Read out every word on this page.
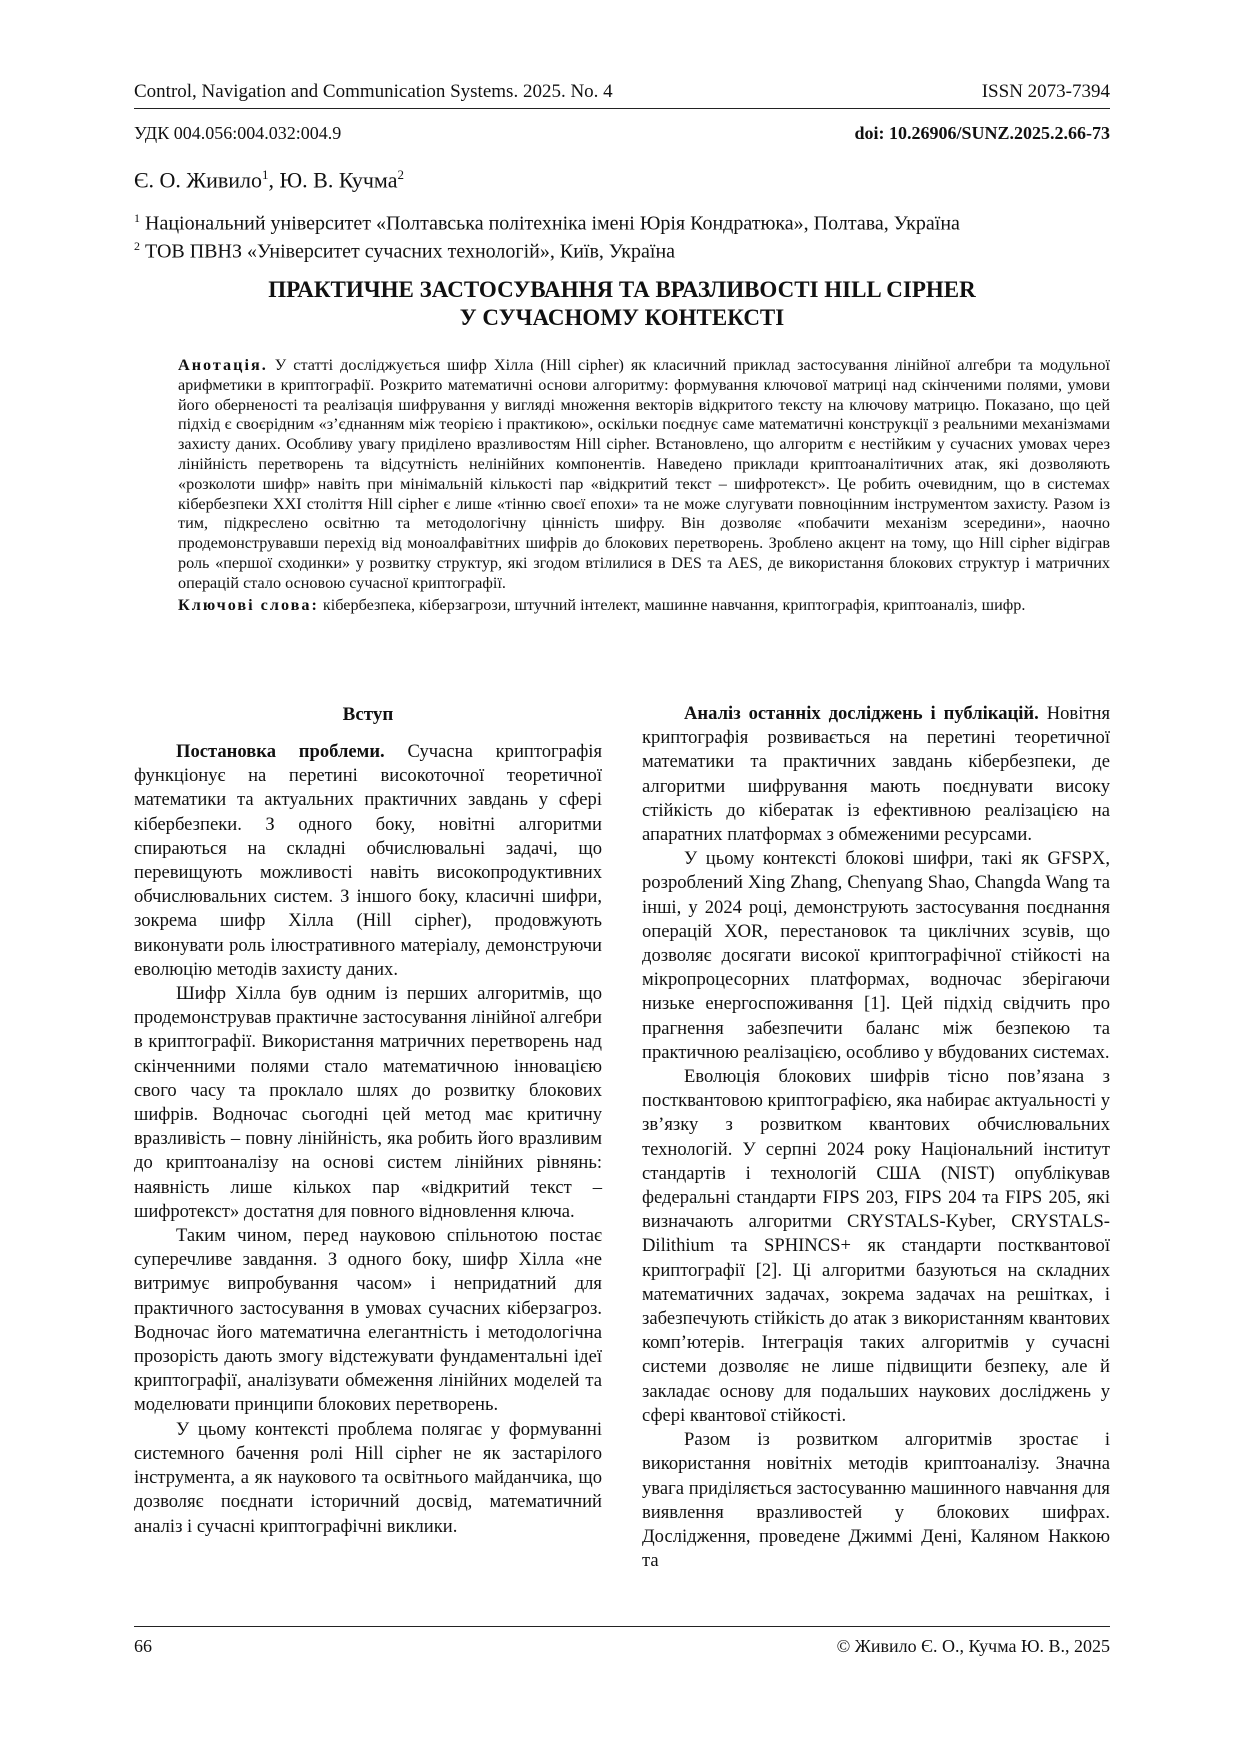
Control, Navigation and Communication Systems. 2025. No. 4	ISSN 2073-7394
УДК 004.056:004.032:004.9	doi: 10.26906/SUNZ.2025.2.66-73
Є. О. Живило$^1$, Ю. В. Кучма$^2$
$^1$ Національний університет «Полтавська політехніка імені Юрія Кондратюка», Полтава, Україна
$^2$ ТОВ ПВНЗ «Університет сучасних технологій», Київ, Україна
ПРАКТИЧНЕ ЗАСТОСУВАННЯ ТА ВРАЗЛИВОСТІ HILL CIPHER
У СУЧАСНОМУ КОНТЕКСТІ

Анотація. У статті досліджується шифр Хілла (Hill cipher) як класичний приклад застосування лінійної алгебри та модульної арифметики в криптографії. Розкрито математичні основи алгоритму: формування ключової матриці над скінченими полями, умови його оберненості та реалізація шифрування у вигляді множення векторів відкритого тексту на ключову матрицю. Показано, що цей підхід є своєрідним «з’єднанням між теорією і практикою», оскільки поєднує саме математичні конструкції з реальними механізмами захисту даних. Особливу увагу приділено вразливостям Hill cipher. Встановлено, що алгоритм є нестійким у сучасних умовах через лінійність перетворень та відсутність нелінійних компонентів. Наведено приклади криптоаналітичних атак, які дозволяють «розколоти шифр» навіть при мінімальній кількості пар «відкритий текст – шифротекст». Це робить очевидним, що в системах кібербезпеки XXI століття Hill cipher є лише «тінню своєї епохи» та не може слугувати повноцінним інструментом захисту. Разом із тим, підкреслено освітню та методологічну цінність шифру. Він дозволяє «побачити механізм зсередини», наочно продемонструвавши перехід від моноалфавітних шифрів до блокових перетворень. Зроблено акцент на тому, що Hill cipher відіграв роль «першої сходинки» у розвитку структур, які згодом втілилися в DES та AES, де використання блокових структур і матричних операцій стало основою сучасної криптографії.

Ключові слова: кібербезпека, кіберзагрози, штучний інтелект, машинне навчання, криптографія, криптоаналіз, шифр.

Вступ

Постановка проблеми. Сучасна криптографія функціонує на перетині високоточної теоретичної математики та актуальних практичних завдань у сфері кібербезпеки. З одного боку, новітні алгоритми спираються на складні обчислювальні задачі, що перевищують можливості навіть високопродуктивних обчислювальних систем. З іншого боку, класичні шифри, зокрема шифр Хілла (Hill cipher), продовжують виконувати роль ілюстративного матеріалу, демонструючи еволюцію методів захисту даних.

Шифр Хілла був одним із перших алгоритмів, що продемонстрував практичне застосування лінійної алгебри в криптографії. Використання матричних перетворень над скінченними полями стало математичною інновацією свого часу та проклало шлях до розвитку блокових шифрів. Водночас сьогодні цей метод має критичну вразливість – повну лінійність, яка робить його вразливим до криптоаналізу на основі систем лінійних рівнянь: наявність лише кількох пар «відкритий текст – шифротекст» достатня для повного відновлення ключа.

Таким чином, перед науковою спільнотою постає суперечливе завдання. З одного боку, шифр Хілла «не витримує випробування часом» і непридатний для практичного застосування в умовах сучасних кіберзагроз. Водночас його математична елегантність і методологічна прозорість дають змогу відстежувати фундаментальні ідеї криптографії, аналізувати обмеження лінійних моделей та моделювати принципи блокових перетворень.

У цьому контексті проблема полягає у формуванні системного бачення ролі Hill cipher не як застарілого інструмента, а як наукового та освітнього майданчика, що дозволяє поєднати історичний досвід, математичний аналіз і сучасні криптографічні виклики.

Аналіз останніх досліджень і публікацій. Новітня криптографія розвивається на перетині теоретичної математики та практичних завдань кібербезпеки, де алгоритми шифрування мають поєднувати високу стійкість до кібератак із ефективною реалізацією на апаратних платформах з обмеженими ресурсами.

У цьому контексті блокові шифри, такі як GFSPX, розроблений Xing Zhang, Chenyang Shao, Changda Wang та інші, у 2024 році, демонструють застосування поєднання операцій XOR, перестановок та циклічних зсувів, що дозволяє досягати високої криптографічної стійкості на мікропроцесорних платформах, водночас зберігаючи низьке енергоспоживання [1]. Цей підхід свідчить про прагнення забезпечити баланс між безпекою та практичною реалізацією, особливо у вбудованих системах.

Еволюція блокових шифрів тісно пов’язана з постквантовою криптографією, яка набирає актуальності у зв’язку з розвитком квантових обчислювальних технологій. У серпні 2024 року Національний інститут стандартів і технологій США (NIST) опублікував федеральні стандарти FIPS 203, FIPS 204 та FIPS 205, які визначають алгоритми CRYSTALS-Kyber, CRYSTALS-Dilithium та SPHINCS+ як стандарти постквантової криптографії [2]. Ці алгоритми базуються на складних математичних задачах, зокрема задачах на решітках, і забезпечують стійкість до атак з використанням квантових комп’ютерів. Інтеграція таких алгоритмів у сучасні системи дозволяє не лише підвищити безпеку, але й закладає основу для подальших наукових досліджень у сфері квантової стійкості.

Разом із розвитком алгоритмів зростає і використання новітніх методів криптоаналізу. Значна увага приділяється застосуванню машинного навчання для виявлення вразливостей у блокових шифрах. Дослідження, проведене Джиммі Дені, Каляном Наккою та

66	© Живило Є. О., Кучма Ю. В., 2025
